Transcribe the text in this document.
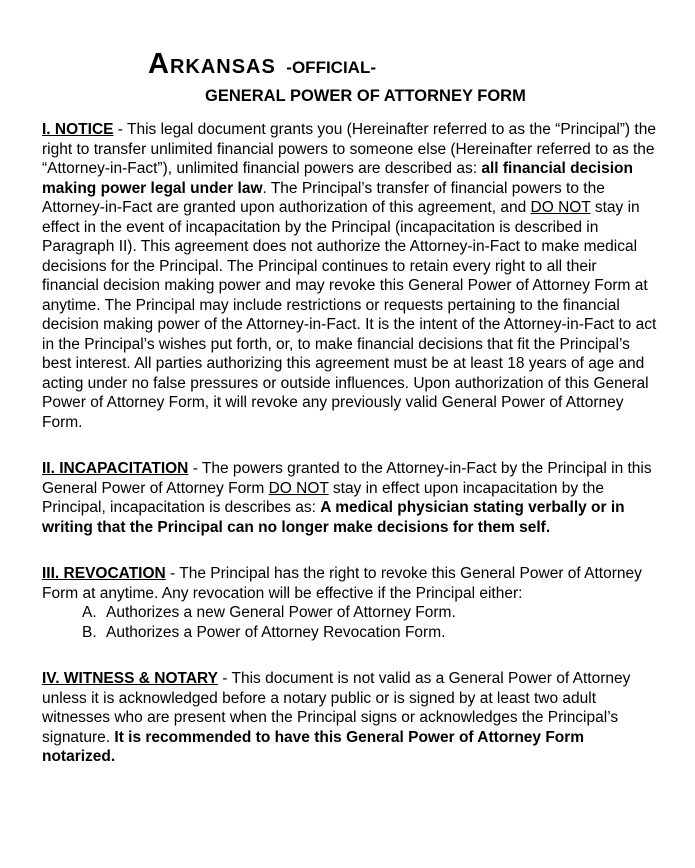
Arkansas -OFFICIAL-
GENERAL POWER OF ATTORNEY FORM

I. NOTICE - This legal document grants you (Hereinafter referred to as the “Principal”) the right to transfer unlimited financial powers to someone else (Hereinafter referred to as the “Attorney-in-Fact”), unlimited financial powers are described as: all financial decision making power legal under law. The Principal’s transfer of financial powers to the Attorney-in-Fact are granted upon authorization of this agreement, and DO NOT stay in effect in the event of incapacitation by the Principal (incapacitation is described in Paragraph II). This agreement does not authorize the Attorney-in-Fact to make medical decisions for the Principal. The Principal continues to retain every right to all their financial decision making power and may revoke this General Power of Attorney Form at anytime. The Principal may include restrictions or requests pertaining to the financial decision making power of the Attorney-in-Fact. It is the intent of the Attorney-in-Fact to act in the Principal’s wishes put forth, or, to make financial decisions that fit the Principal’s best interest. All parties authorizing this agreement must be at least 18 years of age and acting under no false pressures or outside influences. Upon authorization of this General Power of Attorney Form, it will revoke any previously valid General Power of Attorney Form.

II. INCAPACITATION - The powers granted to the Attorney-in-Fact by the Principal in this General Power of Attorney Form DO NOT stay in effect upon incapacitation by the Principal, incapacitation is describes as: A medical physician stating verbally or in writing that the Principal can no longer make decisions for them self.

III. REVOCATION - The Principal has the right to revoke this General Power of Attorney Form at anytime. Any revocation will be effective if the Principal either:

A. Authorizes a new General Power of Attorney Form.
B. Authorizes a Power of Attorney Revocation Form.

IV. WITNESS & NOTARY - This document is not valid as a General Power of Attorney unless it is acknowledged before a notary public or is signed by at least two adult witnesses who are present when the Principal signs or acknowledges the Principal’s signature. It is recommended to have this General Power of Attorney Form notarized.
